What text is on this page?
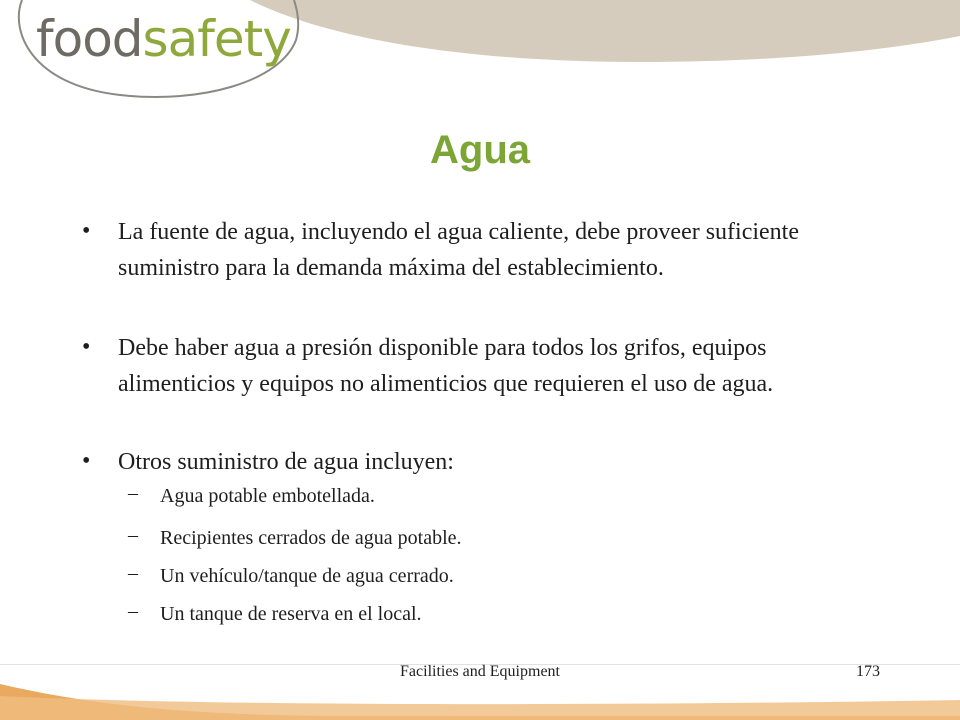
foodsafety
Agua
• La fuente de agua, incluyendo el agua caliente, debe proveer suficiente suministro para la demanda máxima del establecimiento.
• Debe haber agua a presión disponible para todos los grifos, equipos alimenticios y equipos no alimenticios que requieren el uso de agua.
• Otros suministro de agua incluyen:
– Agua potable embotellada.
– Recipientes cerrados de agua potable.
– Un vehículo/tanque de agua cerrado.
– Un tanque de reserva en el local.
Facilities and Equipment	173
